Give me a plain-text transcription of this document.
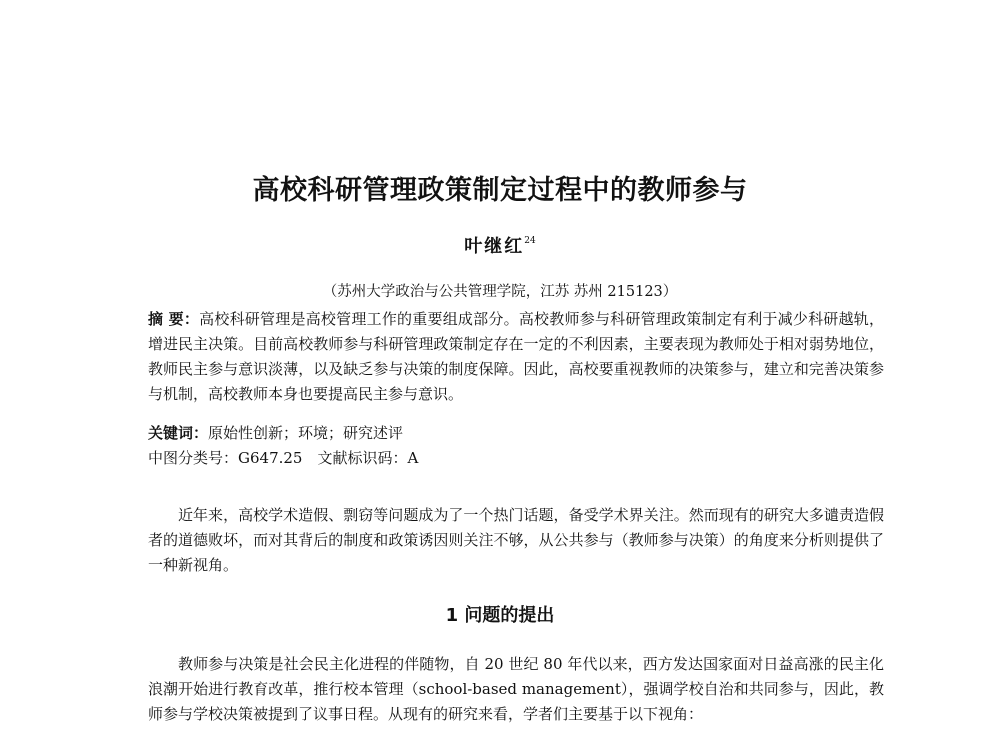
高校科研管理政策制定过程中的教师参与
叶继红$^{24}$
（苏州大学政治与公共管理学院，江苏 苏州 215123）

摘 要：高校科研管理是高校管理工作的重要组成部分。高校教师参与科研管理政策制定有利于减少科研越轨，增进民主决策。目前高校教师参与科研管理政策制定存在一定的不利因素，主要表现为教师处于相对弱势地位，教师民主参与意识淡薄，以及缺乏参与决策的制度保障。因此，高校要重视教师的决策参与，建立和完善决策参与机制，高校教师本身也要提高民主参与意识。

关键词：原始性创新；环境；研究述评

中图分类号：G647.25　文献标识码：A

近年来，高校学术造假、剽窃等问题成为了一个热门话题，备受学术界关注。然而现有的研究大多谴责造假者的道德败坏，而对其背后的制度和政策诱因则关注不够，从公共参与（教师参与决策）的角度来分析则提供了一种新视角。

1 问题的提出

教师参与决策是社会民主化进程的伴随物，自 20 世纪 80 年代以来，西方发达国家面对日益高涨的民主化浪潮开始进行教育改革，推行校本管理（school-based management），强调学校自治和共同参与，因此，教师参与学校决策被提到了议事日程。从现有的研究来看，学者们主要基于以下视角：
